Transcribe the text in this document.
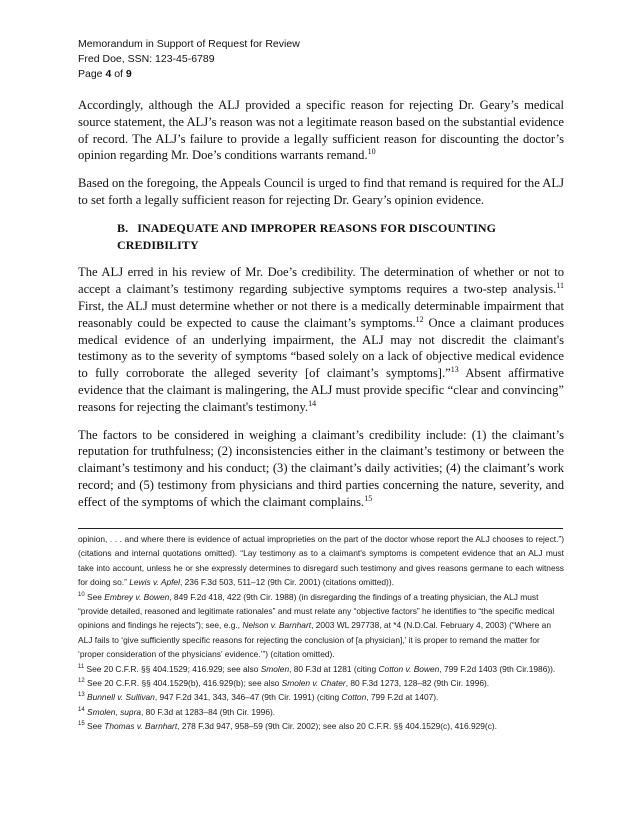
Memorandum in Support of Request for Review
Fred Doe, SSN: 123-45-6789
Page 4 of 9

Accordingly, although the ALJ provided a specific reason for rejecting Dr. Geary’s medical source statement, the ALJ’s reason was not a legitimate reason based on the substantial evidence of record. The ALJ’s failure to provide a legally sufficient reason for discounting the doctor’s opinion regarding Mr. Doe’s conditions warrants remand.$^{10}$

Based on the foregoing, the Appeals Council is urged to find that remand is required for the ALJ to set forth a legally sufficient reason for rejecting Dr. Geary’s opinion evidence.

B. INADEQUATE AND IMPROPER REASONS FOR DISCOUNTING CREDIBILITY

The ALJ erred in his review of Mr. Doe’s credibility. The determination of whether or not to accept a claimant’s testimony regarding subjective symptoms requires a two-step analysis.$^{11}$ First, the ALJ must determine whether or not there is a medically determinable impairment that reasonably could be expected to cause the claimant’s symptoms.$^{12}$ Once a claimant produces medical evidence of an underlying impairment, the ALJ may not discredit the claimant's testimony as to the severity of symptoms “based solely on a lack of objective medical evidence to fully corroborate the alleged severity [of claimant’s symptoms].”$^{13}$ Absent affirmative evidence that the claimant is malingering, the ALJ must provide specific “clear and convincing” reasons for rejecting the claimant's testimony.$^{14}$

The factors to be considered in weighing a claimant’s credibility include: (1) the claimant’s reputation for truthfulness; (2) inconsistencies either in the claimant’s testimony or between the claimant’s testimony and his conduct; (3) the claimant’s daily activities; (4) the claimant’s work record; and (5) testimony from physicians and third parties concerning the nature, severity, and effect of the symptoms of which the claimant complains.$^{15}$

opinion, . . . and where there is evidence of actual improprieties on the part of the doctor whose report the ALJ chooses to reject.”) (citations and internal quotations omitted). “Lay testimony as to a claimant's symptoms is competent evidence that an ALJ must take into account, unless he or she expressly determines to disregard such testimony and gives reasons germane to each witness for doing so.” Lewis v. Apfel, 236 F.3d 503, 511–12 (9th Cir. 2001) (citations omitted)).

$^{10}$ See Embrey v. Bowen, 849 F.2d 418, 422 (9th Cir. 1988) (in disregarding the findings of a treating physician, the ALJ must “provide detailed, reasoned and legitimate rationales” and must relate any “objective factors” he identifies to “the specific medical opinions and findings he rejects”); see, e.g., Nelson v. Barnhart, 2003 WL 297738, at *4 (N.D.Cal. February 4, 2003) (“Where an ALJ fails to ‘give sufficiently specific reasons for rejecting the conclusion of [a physician],’ it is proper to remand the matter for ‘proper consideration of the physicians’ evidence.’”) (citation omitted).

$^{11}$ See 20 C.F.R. §§ 404.1529; 416.929; see also Smolen, 80 F.3d at 1281 (citing Cotton v. Bowen, 799 F.2d 1403 (9th Cir.1986)).

$^{12}$ See 20 C.F.R. §§ 404.1529(b), 416.929(b); see also Smolen v. Chater, 80 F.3d 1273, 128–82 (9th Cir. 1996).

$^{13}$ Bunnell v. Sullivan, 947 F.2d 341, 343, 346–47 (9th Cir. 1991) (citing Cotton, 799 F.2d at 1407).

$^{14}$ Smolen, supra, 80 F.3d at 1283–84 (9th Cir. 1996).

$^{15}$ See Thomas v. Barnhart, 278 F.3d 947, 958–59 (9th Cir. 2002); see also 20 C.F.R. §§ 404.1529(c), 416.929(c).
